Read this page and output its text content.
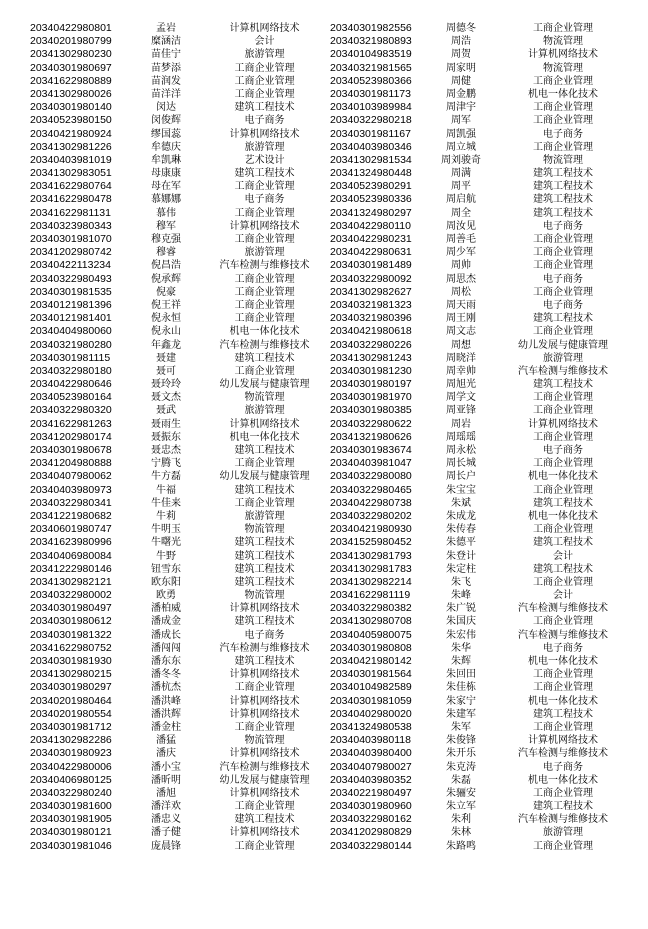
20340422980801	孟岩	计算机网络技术
20340201980799	糜涵洁	会计
20341302980230	苗佳宁	旅游管理
20340301980697	苗梦添	工商企业管理
20341622980889	苗润发	工商企业管理
20341302980026	苗洋洋	工商企业管理
20340301980140	闵达	建筑工程技术
20340523980150	闵俊辉	电子商务
20340421980924	缪国蕊	计算机网络技术
20341302981226	牟德庆	旅游管理
20340403981019	牟凯琳	艺术设计
20341302983051	母康康	建筑工程技术
20341622980764	母在军	工商企业管理
20341622980478	慕娜娜	电子商务
20341622981131	慕伟	工商企业管理
20340323980343	穆军	计算机网络技术
20340301981070	穆克强	工商企业管理
20341202980742	穆睿	旅游管理
20340422113234	倪昌浩	汽车检测与维修技术
20340322980493	倪承辉	工商企业管理
20340301981535	倪豪	工商企业管理
20340121981396	倪王祥	工商企业管理
20340121981401	倪永恒	工商企业管理
20340404980060	倪永山	机电一体化技术
20340321980280	年鑫龙	汽车检测与维修技术
20340301981115	聂建	建筑工程技术
20340322980180	聂可	工商企业管理
20340422980646	聂玲玲	幼儿发展与健康管理
20340523980164	聂文杰	物流管理
20340322980320	聂武	旅游管理
20341622981263	聂雨生	计算机网络技术
20341202980174	聂振东	机电一体化技术
20340301980678	聂忠杰	建筑工程技术
20341204980888	宁腾飞	工商企业管理
20340407980062	牛方磊	幼儿发展与健康管理
20340403980973	牛福	建筑工程技术
20340322980341	牛佳来	工商企业管理
20341221980682	牛莉	旅游管理
20340601980747	牛明玉	物流管理
20341623980996	牛曙光	建筑工程技术
20340406980084	牛野	建筑工程技术
20341222980146	钮雪东	建筑工程技术
20341302982121	欧东阳	建筑工程技术
20340322980002	欧勇	物流管理
20340301980497	潘柏威	计算机网络技术
20340301980612	潘成金	建筑工程技术
20340301981322	潘成长	电子商务
20341622980752	潘闯闯	汽车检测与维修技术
20340301981930	潘东东	建筑工程技术
20341302980215	潘冬冬	计算机网络技术
20340301980297	潘杭杰	工商企业管理
20340201980464	潘洪峰	计算机网络技术
20340201980554	潘洪辉	计算机网络技术
20340301981712	潘金柱	工商企业管理
20341302982286	潘猛	物流管理
20340301980923	潘庆	计算机网络技术
20340422980006	潘小宝	汽车检测与维修技术
20340406980125	潘昕明	幼儿发展与健康管理
20340322980240	潘旭	计算机网络技术
20340301981600	潘洋欢	工商企业管理
20340301981905	潘忠义	建筑工程技术
20340301980121	潘子健	计算机网络技术
20340301981046	庞晨锋	工商企业管理
20340301982556	周德冬	工商企业管理
20340321980893	周浩	物流管理
20340104983519	周贺	计算机网络技术
20340321981565	周家明	物流管理
20340523980366	周健	工商企业管理
20340301981173	周金鹏	机电一体化技术
20340103989984	周津宇	工商企业管理
20340322980218	周军	工商企业管理
20340301981167	周凯强	电子商务
20340403980346	周立城	工商企业管理
20341302981534	周刘骏奇	物流管理
20341324980448	周满	建筑工程技术
20340523980291	周平	建筑工程技术
20340523980336	周启航	建筑工程技术
20341324980297	周全	建筑工程技术
20340422980110	周汝见	电子商务
20340422980231	周善毛	工商企业管理
20340422980631	周少军	工商企业管理
20340301981489	周帅	工商企业管理
20340322980092	周思杰	电子商务
20341302982627	周松	工商企业管理
20340321981323	周天雨	电子商务
20340321980396	周王刚	建筑工程技术
20340421980618	周文志	工商企业管理
20340322980226	周想	幼儿发展与健康管理
20341302981243	周晓洋	旅游管理
20340301981230	周幸帅	汽车检测与维修技术
20340301980197	周旭光	建筑工程技术
20340301981970	周学文	工商企业管理
20340301980385	周亚锋	工商企业管理
20340322980622	周岩	计算机网络技术
20341321980626	周瑶瑶	工商企业管理
20340301983674	周永松	电子商务
20340403981047	周长城	工商企业管理
20340322980080	周长户	机电一体化技术
20340322980465	朱宝宝	工商企业管理
20340422980738	朱斌	建筑工程技术
20340322980202	朱成龙	机电一体化技术
20340421980930	朱传春	工商企业管理
20341525980452	朱德平	建筑工程技术
20341302981793	朱登计	会计
20341302981783	朱定柱	建筑工程技术
20341302982214	朱飞	工商企业管理
20341622981119	朱峰	会计
20340322980382	朱广锐	汽车检测与维修技术
20341302980708	朱国庆	工商企业管理
20340405980075	朱宏伟	汽车检测与维修技术
20340301980808	朱华	电子商务
20340421980142	朱辉	机电一体化技术
20340301981564	朱回田	工商企业管理
20340104982589	朱佳栋	工商企业管理
20340301981059	朱家宁	机电一体化技术
20340402980020	朱建军	建筑工程技术
20341324980538	朱军	工商企业管理
20340403980118	朱俊锋	计算机网络技术
20340403980400	朱开乐	汽车检测与维修技术
20340407980027	朱克涛	电子商务
20340403980352	朱磊	机电一体化技术
20340221980497	朱骊安	工商企业管理
20340301980960	朱立军	建筑工程技术
20340322980162	朱利	汽车检测与维修技术
20341202980829	朱林	旅游管理
20340322980144	朱路鸣	工商企业管理
